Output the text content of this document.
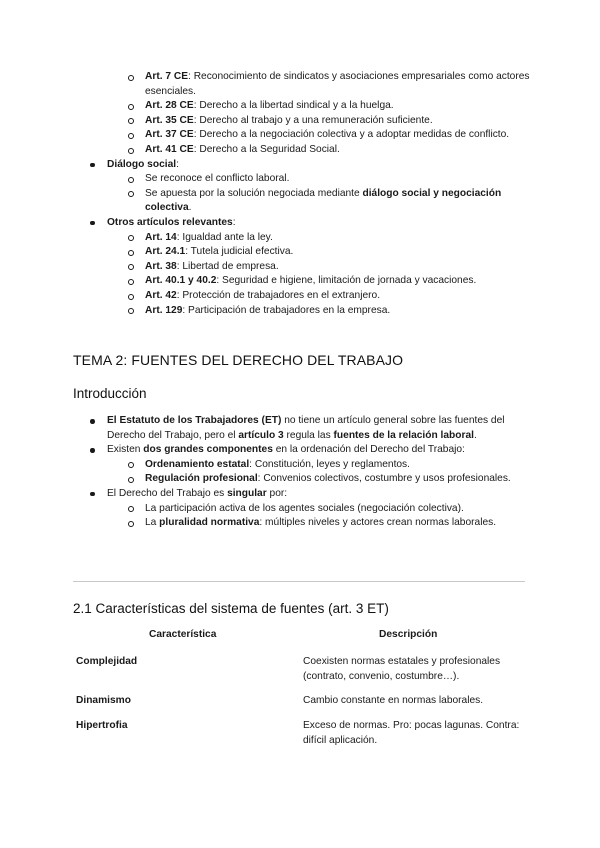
Art. 7 CE: Reconocimiento de sindicatos y asociaciones empresariales como actores esenciales.
Art. 28 CE: Derecho a la libertad sindical y a la huelga.
Art. 35 CE: Derecho al trabajo y a una remuneración suficiente.
Art. 37 CE: Derecho a la negociación colectiva y a adoptar medidas de conflicto.
Art. 41 CE: Derecho a la Seguridad Social.
Diálogo social:
Se reconoce el conflicto laboral.
Se apuesta por la solución negociada mediante diálogo social y negociación colectiva.
Otros artículos relevantes:
Art. 14: Igualdad ante la ley.
Art. 24.1: Tutela judicial efectiva.
Art. 38: Libertad de empresa.
Art. 40.1 y 40.2: Seguridad e higiene, limitación de jornada y vacaciones.
Art. 42: Protección de trabajadores en el extranjero.
Art. 129: Participación de trabajadores en la empresa.
TEMA 2: FUENTES DEL DERECHO DEL TRABAJO
Introducción
El Estatuto de los Trabajadores (ET) no tiene un artículo general sobre las fuentes del Derecho del Trabajo, pero el artículo 3 regula las fuentes de la relación laboral.
Existen dos grandes componentes en la ordenación del Derecho del Trabajo:
Ordenamiento estatal: Constitución, leyes y reglamentos.
Regulación profesional: Convenios colectivos, costumbre y usos profesionales.
El Derecho del Trabajo es singular por:
La participación activa de los agentes sociales (negociación colectiva).
La pluralidad normativa: múltiples niveles y actores crean normas laborales.
2.1 Características del sistema de fuentes (art. 3 ET)
Característica	Descripción
Complejidad	Coexisten normas estatales y profesionales (contrato, convenio, costumbre…).
Dinamismo	Cambio constante en normas laborales.
Hipertrofia	Exceso de normas. Pro: pocas lagunas. Contra: difícil aplicación.
